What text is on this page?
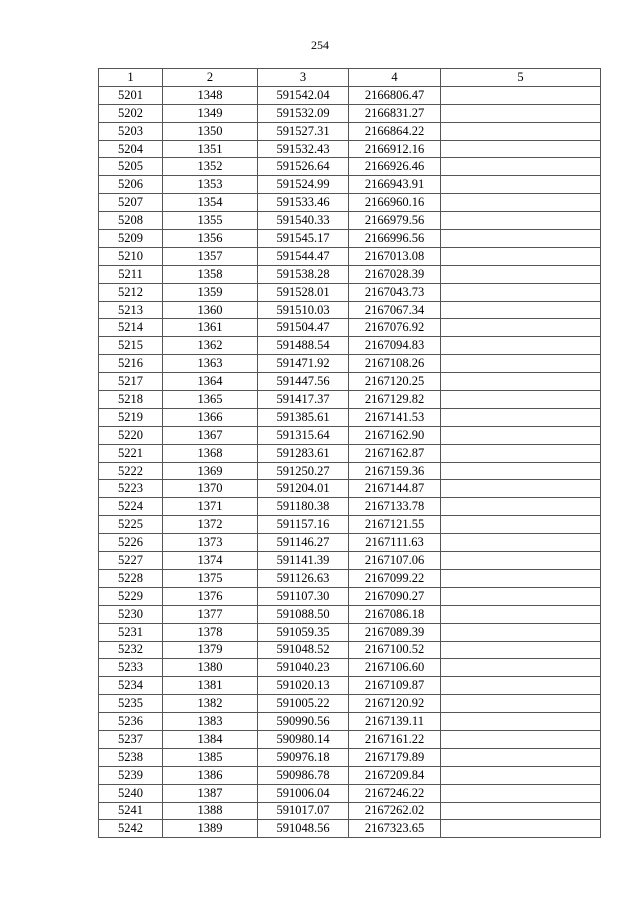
254
1	2	3	4	5
5201	1348	591542.04	2166806.47	
5202	1349	591532.09	2166831.27	
5203	1350	591527.31	2166864.22	
5204	1351	591532.43	2166912.16	
5205	1352	591526.64	2166926.46	
5206	1353	591524.99	2166943.91	
5207	1354	591533.46	2166960.16	
5208	1355	591540.33	2166979.56	
5209	1356	591545.17	2166996.56	
5210	1357	591544.47	2167013.08	
5211	1358	591538.28	2167028.39	
5212	1359	591528.01	2167043.73	
5213	1360	591510.03	2167067.34	
5214	1361	591504.47	2167076.92	
5215	1362	591488.54	2167094.83	
5216	1363	591471.92	2167108.26	
5217	1364	591447.56	2167120.25	
5218	1365	591417.37	2167129.82	
5219	1366	591385.61	2167141.53	
5220	1367	591315.64	2167162.90	
5221	1368	591283.61	2167162.87	
5222	1369	591250.27	2167159.36	
5223	1370	591204.01	2167144.87	
5224	1371	591180.38	2167133.78	
5225	1372	591157.16	2167121.55	
5226	1373	591146.27	2167111.63	
5227	1374	591141.39	2167107.06	
5228	1375	591126.63	2167099.22	
5229	1376	591107.30	2167090.27	
5230	1377	591088.50	2167086.18	
5231	1378	591059.35	2167089.39	
5232	1379	591048.52	2167100.52	
5233	1380	591040.23	2167106.60	
5234	1381	591020.13	2167109.87	
5235	1382	591005.22	2167120.92	
5236	1383	590990.56	2167139.11	
5237	1384	590980.14	2167161.22	
5238	1385	590976.18	2167179.89	
5239	1386	590986.78	2167209.84	
5240	1387	591006.04	2167246.22	
5241	1388	591017.07	2167262.02	
5242	1389	591048.56	2167323.65	
